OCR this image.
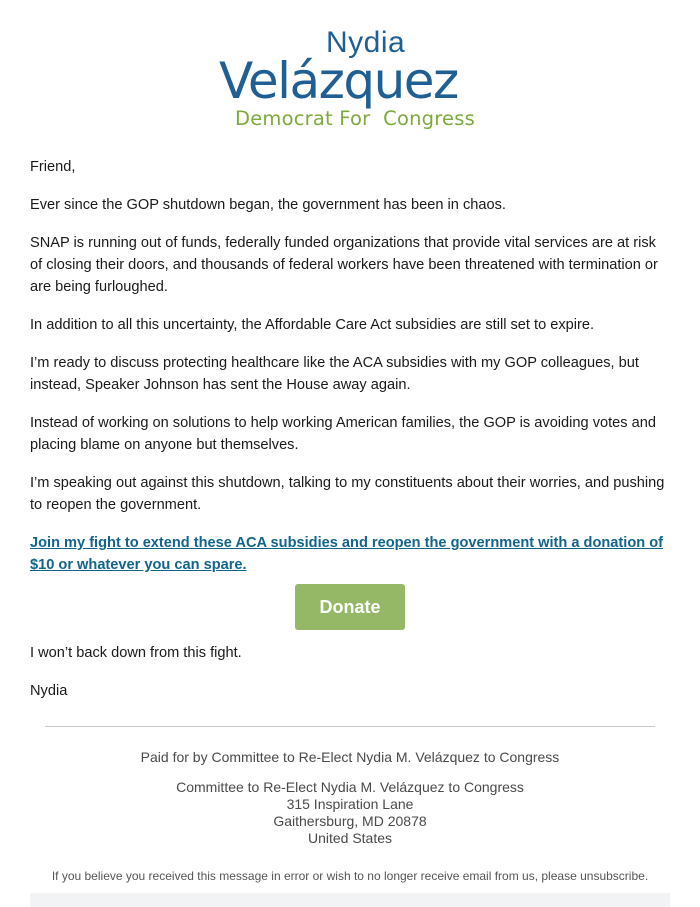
Nydia
Velázquez
Democrat For  Congress

Friend,

Ever since the GOP shutdown began, the government has been in chaos.

SNAP is running out of funds, federally funded organizations that provide vital services are at risk of closing their doors, and thousands of federal workers have been threatened with termination or are being furloughed.

In addition to all this uncertainty, the Affordable Care Act subsidies are still set to expire.

I’m ready to discuss protecting healthcare like the ACA subsidies with my GOP colleagues, but instead, Speaker Johnson has sent the House away again.

Instead of working on solutions to help working American families, the GOP is avoiding votes and placing blame on anyone but themselves.

I’m speaking out against this shutdown, talking to my constituents about their worries, and pushing to reopen the government.

Join my fight to extend these ACA subsidies and reopen the government with a donation of $10 or whatever you can spare.

Donate

I won’t back down from this fight.

Nydia

Paid for by Committee to Re-Elect Nydia M. Velázquez to Congress
Committee to Re-Elect Nydia M. Velázquez to Congress
315 Inspiration Lane
Gaithersburg, MD 20878
United States
If you believe you received this message in error or wish to no longer receive email from us, please unsubscribe.
